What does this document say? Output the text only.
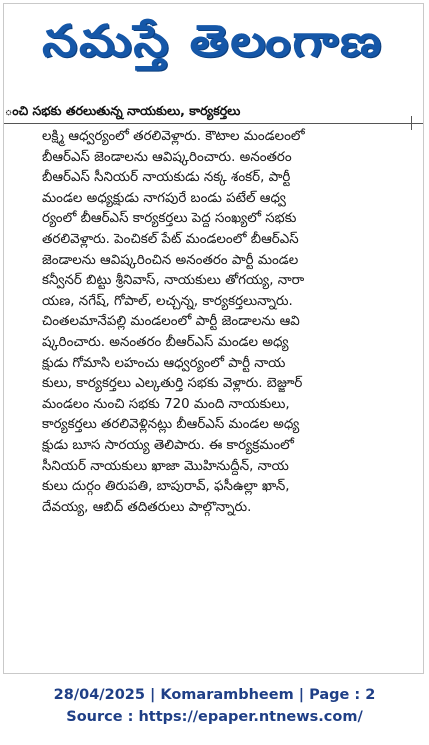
నమస్తే తెలంగాణ
ంచి సభకు తరలుతున్న నాయకులు, కార్యకర్తలు

లక్ష్మి ఆధ్వర్యంలో తరలివెళ్లారు. కౌటాల మండలంలో

బీఆర్ఎస్ జెండాలను ఆవిష్కరించారు. అనంతరం

బీఆర్ఎస్ సీనియర్ నాయకుడు నక్క శంకర్, పార్టీ

మండల అధ్యక్షుడు నాగపురే బండు పటేల్ ఆధ్వ

ర్యంలో బీఆర్ఎస్ కార్యకర్తలు పెద్ద సంఖ్యలో సభకు

తరలివెళ్లారు. పెంచికల్ పేట్ మండలంలో బీఆర్ఎస్

జెండాలను ఆవిష్కరించిన అనంతరం పార్టీ మండల

కన్వీనర్ బిట్టు శ్రీనివాస్, నాయకులు తోగయ్య, నారా

యణ, నగేష్, గోపాల్, లచ్చన్న, కార్యకర్తలున్నారు.

చింతలమానేపల్లి మండలంలో పార్టీ జెండాలను ఆవి

ష్కరించారు. అనంతరం బీఆర్ఎస్ మండల అధ్య

క్షుడు గోమాసి లహంచు ఆధ్వర్యంలో పార్టీ నాయ

కులు, కార్యకర్తలు ఎల్కతుర్తి సభకు వెళ్లారు. బెజ్జూర్

మండలం నుంచి సభకు 720 మంది నాయకులు,

కార్యకర్తలు తరలివెళ్లినట్లు బీఆర్ఎస్ మండల అధ్య

క్షుడు బూస సారయ్య తెలిపారు. ఈ కార్యక్రమంలో

సీనియర్ నాయకులు ఖాజా మొహినుద్దీన్, నాయ

కులు దుర్గం తిరుపతి, బాపురావ్, ఫసీఉల్లా ఖాన్,

దేవయ్య, ఆబిద్ తదితరులు పాల్గొన్నారు.

28/04/2025 | Komarambheem | Page : 2
Source : https://epaper.ntnews.com/
